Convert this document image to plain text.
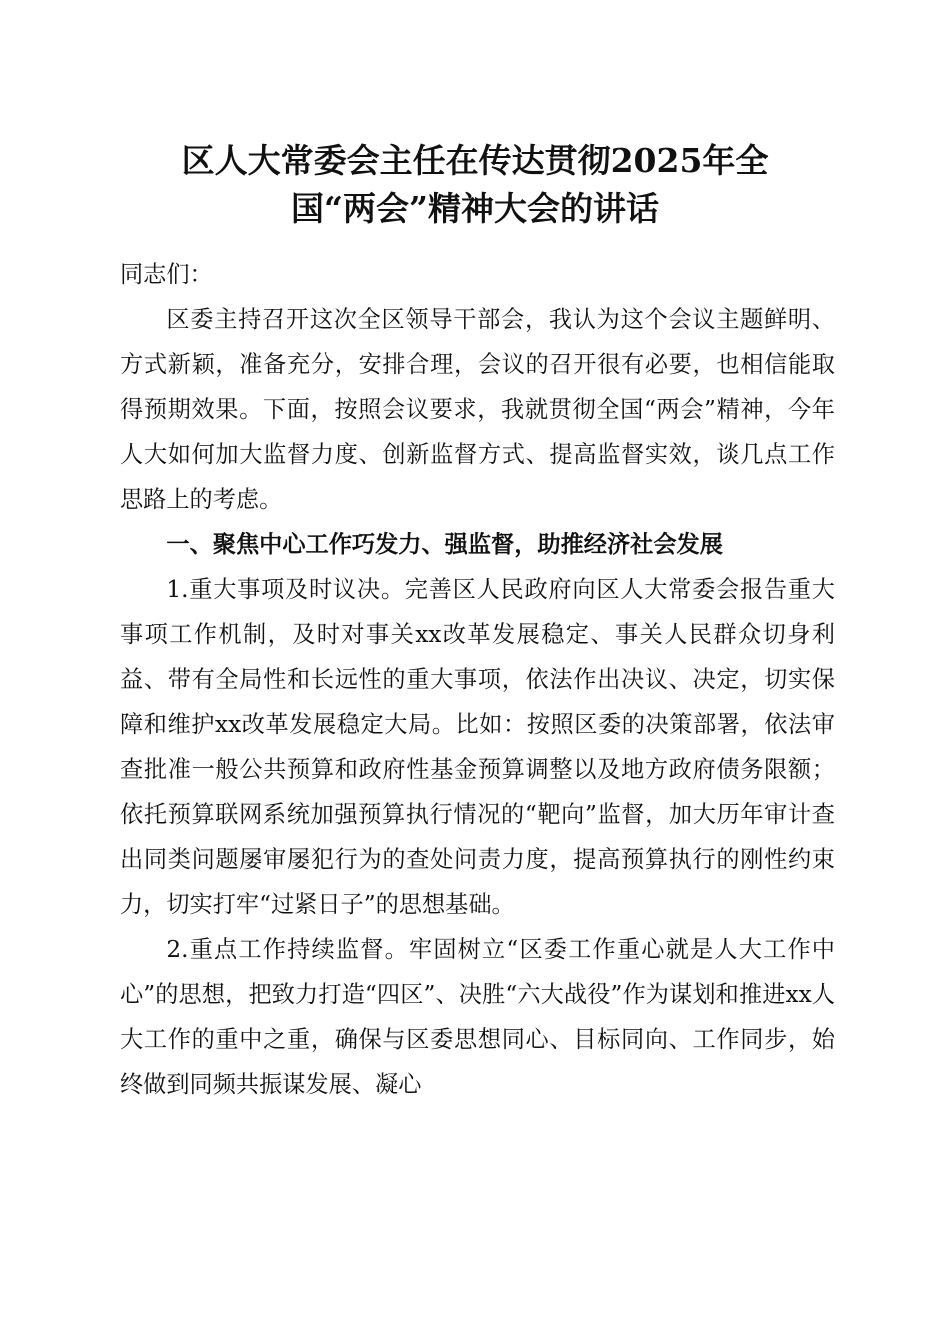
区人大常委会主任在传达贯彻2025年全
国“两会”精神大会的讲话

同志们：

区委主持召开这次全区领导干部会，我认为这个会议主题鲜明、方式新颖，准备充分，安排合理，会议的召开很有必要，也相信能取得预期效果。下面，按照会议要求，我就贯彻全国“两会”精神，今年人大如何加大监督力度、创新监督方式、提高监督实效，谈几点工作思路上的考虑。

一、聚焦中心工作巧发力、强监督，助推经济社会发展

1.重大事项及时议决。完善区人民政府向区人大常委会报告重大事项工作机制，及时对事关xx改革发展稳定、事关人民群众切身利益、带有全局性和长远性的重大事项，依法作出决议、决定，切实保障和维护xx改革发展稳定大局。比如：按照区委的决策部署，依法审查批准一般公共预算和政府性基金预算调整以及地方政府债务限额；依托预算联网系统加强预算执行情况的“靶向”监督，加大历年审计查出同类问题屡审屡犯行为的查处问责力度，提高预算执行的刚性约束力，切实打牢“过紧日子”的思想基础。

2.重点工作持续监督。牢固树立“区委工作重心就是人大工作中心”的思想，把致力打造“四区”、决胜“六大战役”作为谋划和推进xx人大工作的重中之重，确保与区委思想同心、目标同向、工作同步，始终做到同频共振谋发展、凝心
